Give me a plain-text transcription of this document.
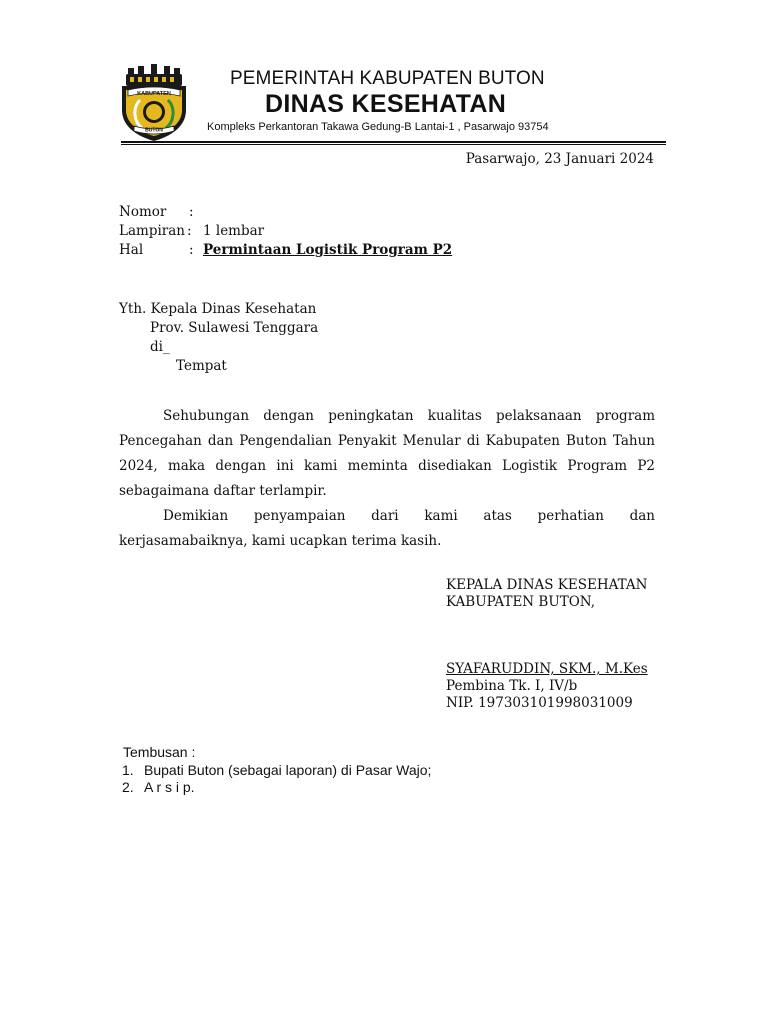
KABUPATEN
BUTON
PEMERINTAH KABUPATEN BUTON
DINAS KESEHATAN
Kompleks Perkantoran Takawa Gedung-B Lantai-1 , Pasarwajo 93754
Pasarwajo, 23 Januari 2024
Nomor :
Lampiran : 1 lembar
Hal	: Permintaan Logistik Program P2
Yth. Kepala Dinas Kesehatan
Prov. Sulawesi Tenggara
di_
Tempat

Sehubungan dengan peningkatan kualitas pelaksanaan program Pencegahan dan Pengendalian Penyakit Menular di Kabupaten Buton Tahun 2024, maka dengan ini kami meminta disediakan Logistik Program P2 sebagaimana daftar terlampir.

Demikian penyampaian dari kami atas perhatian dan kerjasamabaiknya, kami ucapkan terima kasih.

KEPALA DINAS KESEHATAN
KABUPATEN BUTON,
SYAFARUDDIN, SKM., M.Kes
Pembina Tk. I, IV/b
NIP. 197303101998031009
Tembusan :
1. Bupati Buton (sebagai laporan) di Pasar Wajo;
2. A r s i p.
